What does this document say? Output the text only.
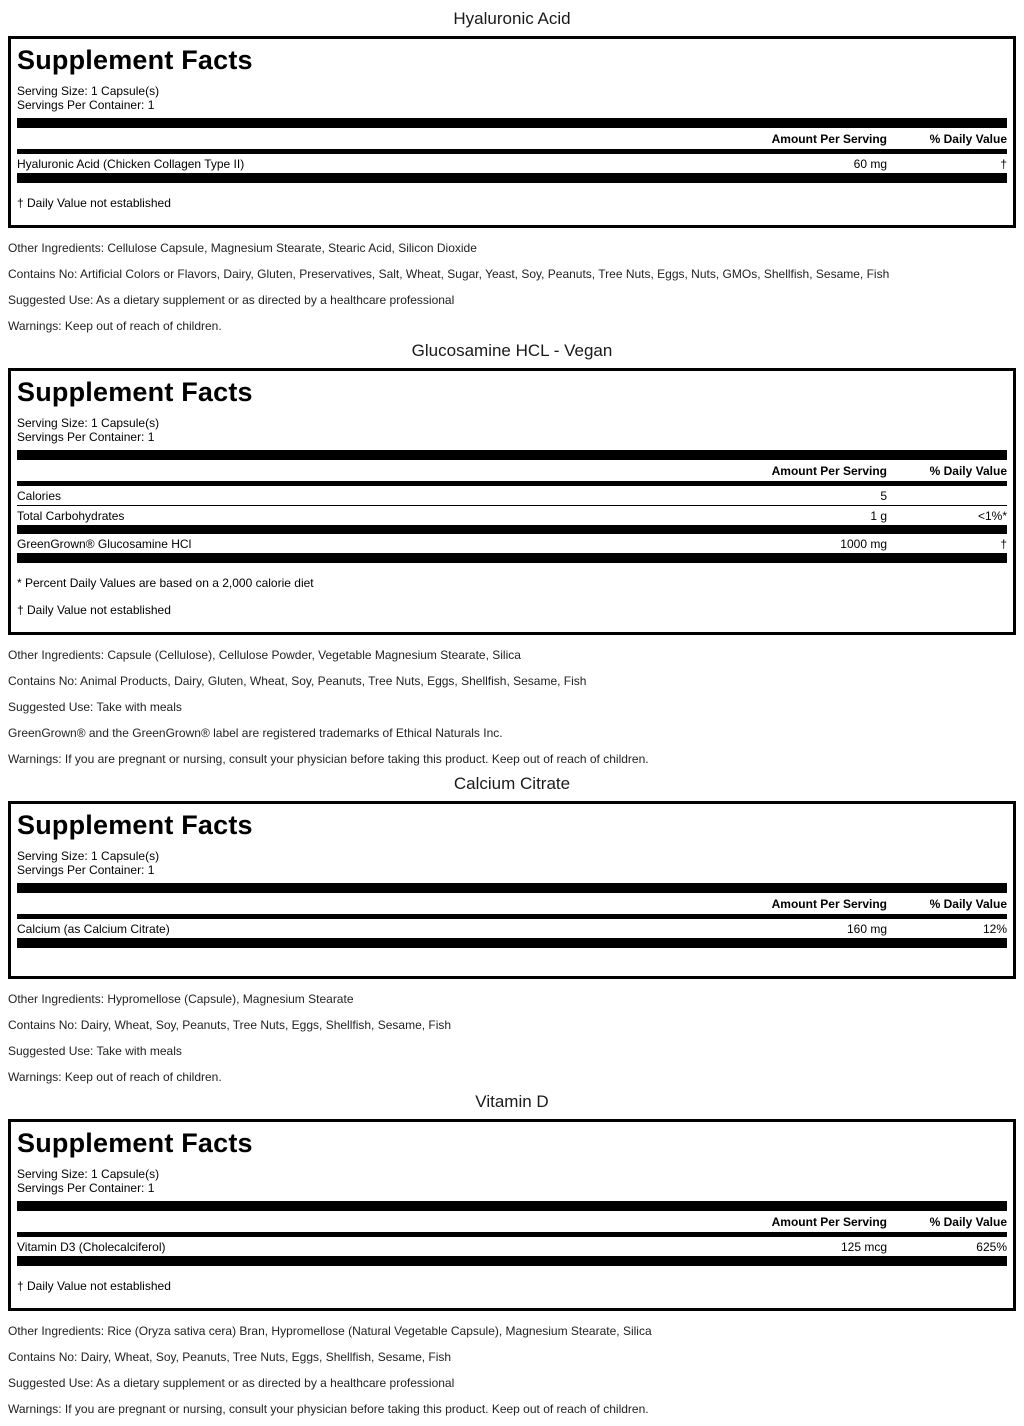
Hyaluronic Acid
Supplement Facts
Serving Size: 1 Capsule(s)
Servings Per Container: 1
Amount Per Serving	% Daily Value
Hyaluronic Acid (Chicken Collagen Type II)	60 mg	†
† Daily Value not established

Other Ingredients: Cellulose Capsule, Magnesium Stearate, Stearic Acid, Silicon Dioxide

Contains No: Artificial Colors or Flavors, Dairy, Gluten, Preservatives, Salt, Wheat, Sugar, Yeast, Soy, Peanuts, Tree Nuts, Eggs, Nuts, GMOs, Shellfish, Sesame, Fish

Suggested Use: As a dietary supplement or as directed by a healthcare professional

Warnings: Keep out of reach of children.

Glucosamine HCL - Vegan
Supplement Facts
Serving Size: 1 Capsule(s)
Servings Per Container: 1
Amount Per Serving	% Daily Value
Calories	5
Total Carbohydrates	1 g	<1%*
GreenGrown® Glucosamine HCl	1000 mg	†
* Percent Daily Values are based on a 2,000 calorie diet
† Daily Value not established

Other Ingredients: Capsule (Cellulose), Cellulose Powder, Vegetable Magnesium Stearate, Silica

Contains No: Animal Products, Dairy, Gluten, Wheat, Soy, Peanuts, Tree Nuts, Eggs, Shellfish, Sesame, Fish

Suggested Use: Take with meals

GreenGrown® and the GreenGrown® label are registered trademarks of Ethical Naturals Inc.

Warnings: If you are pregnant or nursing, consult your physician before taking this product. Keep out of reach of children.

Calcium Citrate
Supplement Facts
Serving Size: 1 Capsule(s)
Servings Per Container: 1
Amount Per Serving	% Daily Value
Calcium (as Calcium Citrate)	160 mg	12%

Other Ingredients: Hypromellose (Capsule), Magnesium Stearate

Contains No: Dairy, Wheat, Soy, Peanuts, Tree Nuts, Eggs, Shellfish, Sesame, Fish

Suggested Use: Take with meals

Warnings: Keep out of reach of children.

Vitamin D
Supplement Facts
Serving Size: 1 Capsule(s)
Servings Per Container: 1
Amount Per Serving	% Daily Value
Vitamin D3 (Cholecalciferol)	125 mcg	625%
† Daily Value not established

Other Ingredients: Rice (Oryza sativa cera) Bran, Hypromellose (Natural Vegetable Capsule), Magnesium Stearate, Silica

Contains No: Dairy, Wheat, Soy, Peanuts, Tree Nuts, Eggs, Shellfish, Sesame, Fish

Suggested Use: As a dietary supplement or as directed by a healthcare professional

Warnings: If you are pregnant or nursing, consult your physician before taking this product. Keep out of reach of children.
